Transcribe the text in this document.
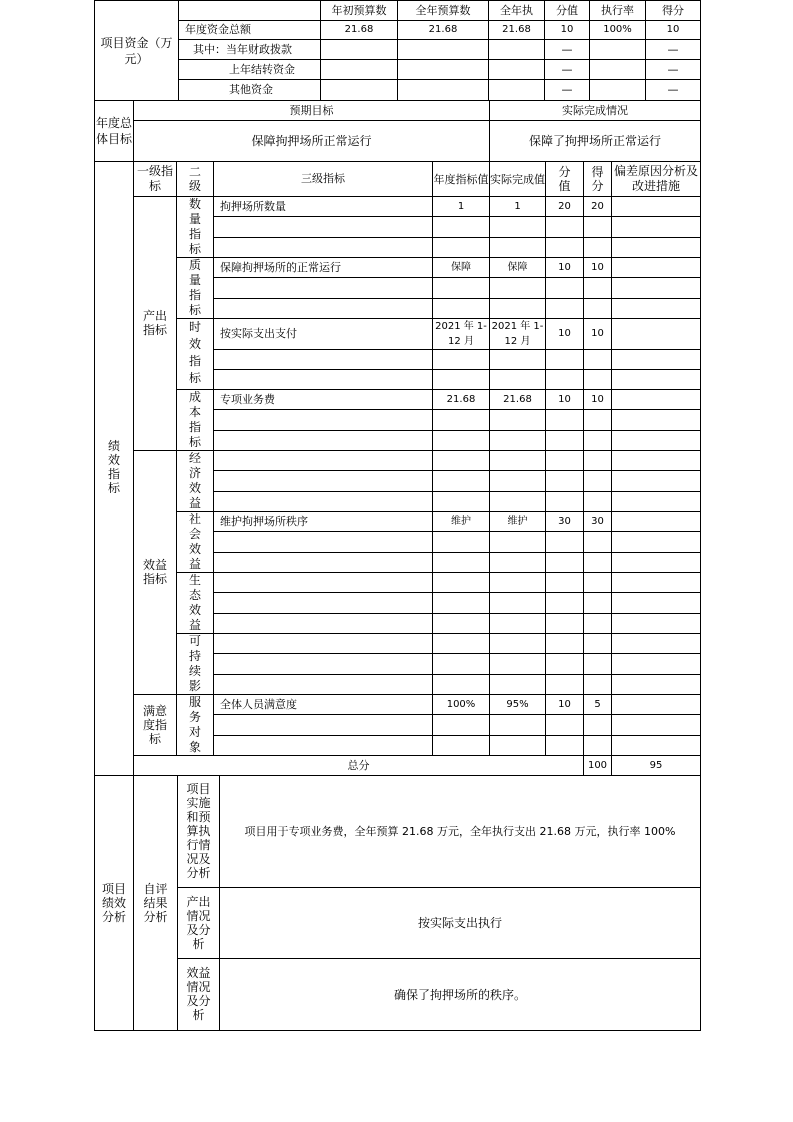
项目资金（万元）		年初预算数	全年预算数	全年执	分值	执行率	得分
	年度资金总额	21.68	21.68	21.68	10	100%	10
	其中：当年财政拨款				—		—
	上年结转资金				—		—
	其他资金				—		—
年度总体目标	预期目标	实际完成情况
	保障拘押场所正常运行	保障了拘押场所正常运行
绩效指标	一级指标	二级	三级指标	年度指标值	实际完成值	分值	得分	偏差原因分析及改进措施	
	产出指标	数量指标	拘押场所数量	1	1	20	20		

		质量指标	保障拘押场所的正常运行	保障	保障	10	10		

		时效指标	按实际支出支付	2021 年 1-12 月	2021 年 1-12 月	10	10		

		成本指标	专项业务费	21.68	21.68	10	10		

	效益指标	经济效益							

		社会效益	维护拘押场所秩序	维护	维护	30	30		

		生态效益							

		可持续影							

	满意度指标	服务对象	全体人员满意度	100%	95%	10	5		

	总分						100	95	
项目绩效分析	自评结果分析	项目实施和预算执行情况及分析	项目用于专项业务费，全年预算 21.68 万元，全年执行支出 21.68 万元，执行率 100%
		产出情况及分析	按实际支出执行
		效益情况及分析	确保了拘押场所的秩序。
